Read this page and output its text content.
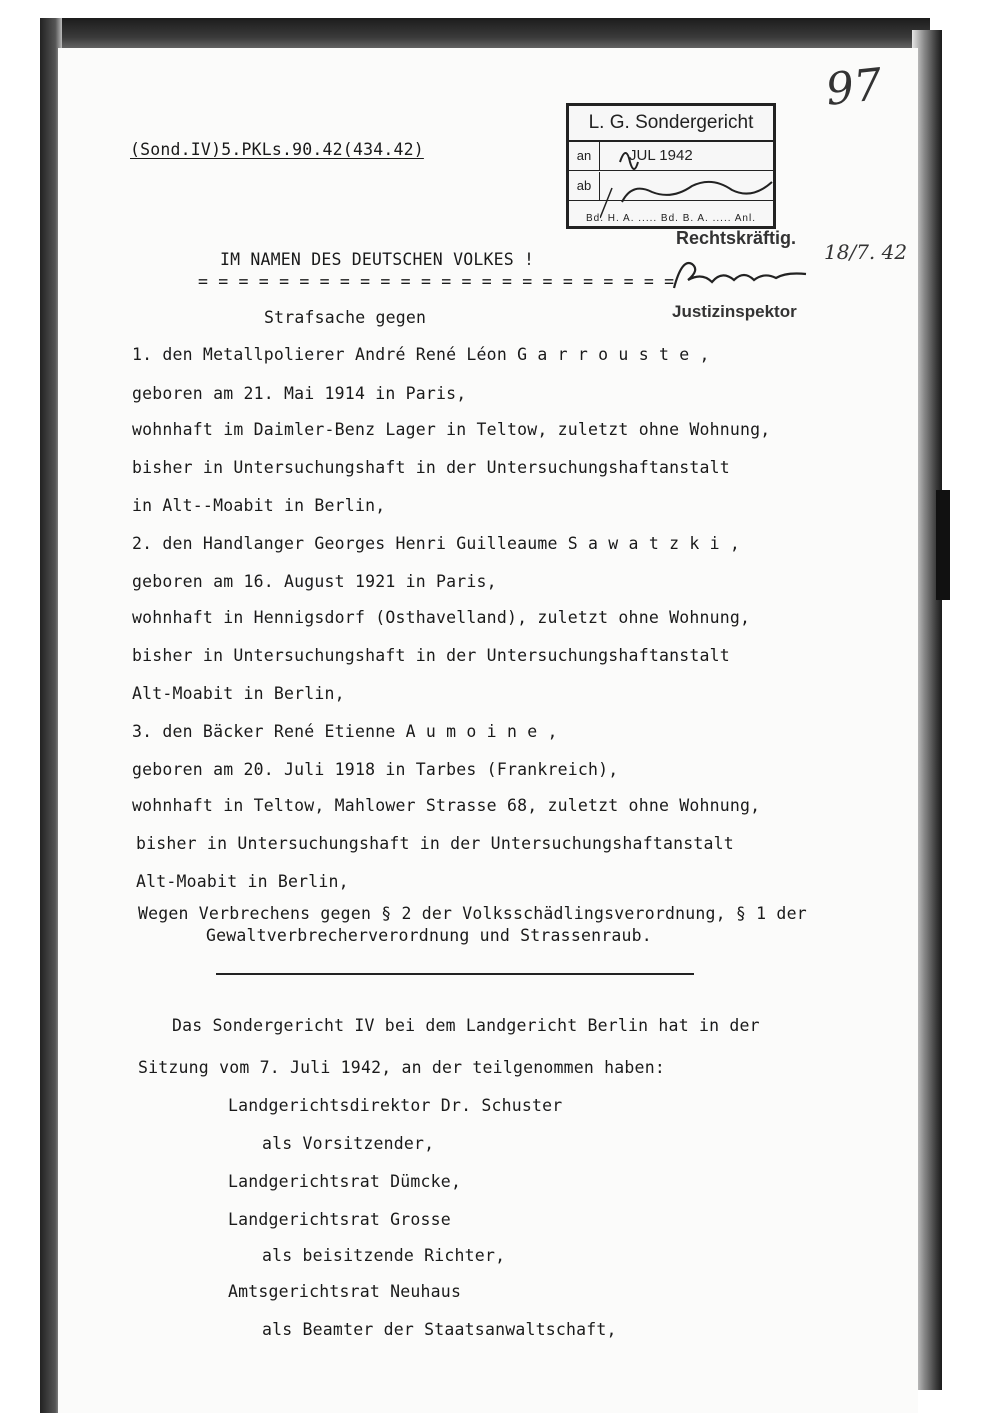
97
(Sond.IV)5.PKLs.90.42(434.42)
L. G. Sondergericht
an	JUL 1942
ab
Bd. H. A. ..... Bd. B. A. ..... Anl.
Rechtskräftig.
18/7. 42
Justizinspektor
IM NAMEN DES DEUTSCHEN VOLKES !
= = = = = = = = = = = = = = = = = = = = = = = =
Strafsache gegen
1. den Metallpolierer André René Léon G a r r o u s t e ,
geboren am 21. Mai 1914 in Paris,
wohnhaft im Daimler-Benz Lager in Teltow, zuletzt ohne Wohnung,
bisher in Untersuchungshaft in der Untersuchungshaftanstalt
in Alt--Moabit in Berlin,
2. den Handlanger Georges Henri Guilleaume S a w a t z k i ,
geboren am 16. August 1921 in Paris,
wohnhaft in Hennigsdorf (Osthavelland), zuletzt ohne Wohnung,
bisher in Untersuchungshaft in der Untersuchungshaftanstalt
Alt-Moabit in Berlin,
3. den Bäcker René Etienne A u m o i n e ,
geboren am 20. Juli 1918 in Tarbes (Frankreich),
wohnhaft in Teltow, Mahlower Strasse 68, zuletzt ohne Wohnung,
bisher in Untersuchungshaft in der Untersuchungshaftanstalt
Alt-Moabit in Berlin,
Wegen Verbrechens gegen § 2 der Volksschädlingsverordnung, § 1 der
Gewaltverbrecherverordnung und Strassenraub.
Das Sondergericht IV bei dem Landgericht Berlin hat in der
Sitzung vom 7. Juli 1942, an der teilgenommen haben:
Landgerichtsdirektor Dr. Schuster
als Vorsitzender,
Landgerichtsrat Dümcke,
Landgerichtsrat Grosse
als beisitzende Richter,
Amtsgerichtsrat Neuhaus
als Beamter der Staatsanwaltschaft,
